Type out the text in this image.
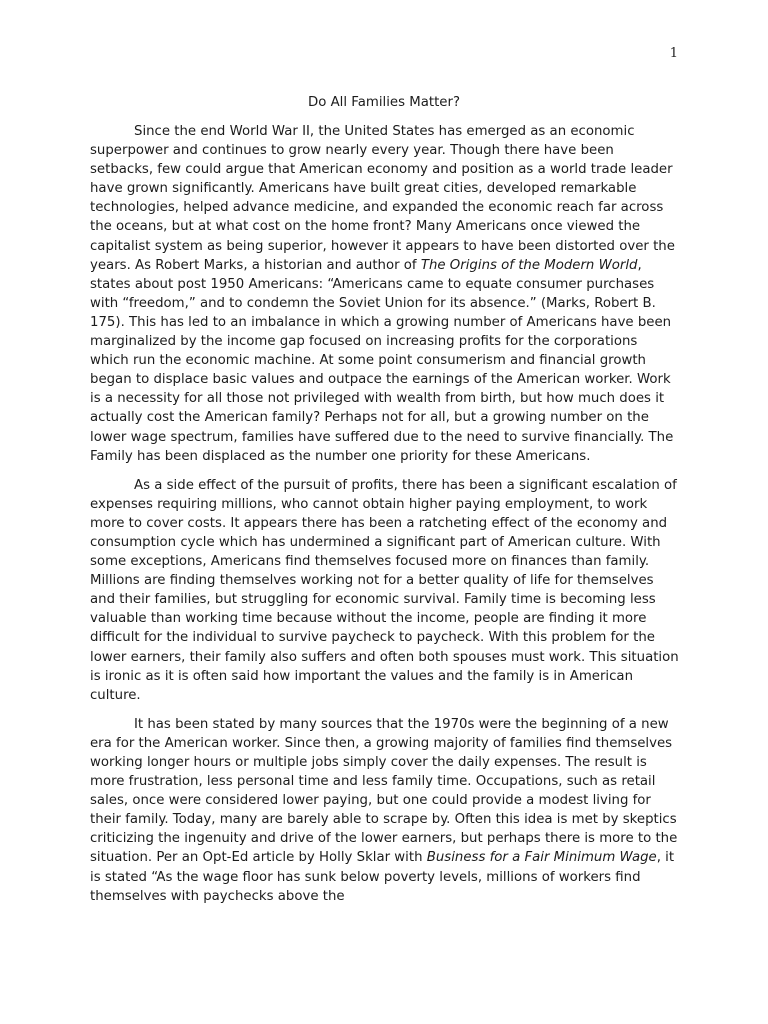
1
Do All Families Matter?

Since the end World War II, the United States has emerged as an economic superpower and continues to grow nearly every year. Though there have been setbacks, few could argue that American economy and position as a world trade leader have grown significantly. Americans have built great cities, developed remarkable technologies, helped advance medicine, and expanded the economic reach far across the oceans, but at what cost on the home front? Many Americans once viewed the capitalist system as being superior, however it appears to have been distorted over the years. As Robert Marks, a historian and author of The Origins of the Modern World, states about post 1950 Americans: “Americans came to equate consumer purchases with “freedom,” and to condemn the Soviet Union for its absence.” (Marks, Robert B. 175). This has led to an imbalance in which a growing number of Americans have been marginalized by the income gap focused on increasing profits for the corporations which run the economic machine. At some point consumerism and financial growth began to displace basic values and outpace the earnings of the American worker. Work is a necessity for all those not privileged with wealth from birth, but how much does it actually cost the American family? Perhaps not for all, but a growing number on the lower wage spectrum, families have suffered due to the need to survive financially. The Family has been displaced as the number one priority for these Americans.

As a side effect of the pursuit of profits, there has been a significant escalation of expenses requiring millions, who cannot obtain higher paying employment, to work more to cover costs. It appears there has been a ratcheting effect of the economy and consumption cycle which has undermined a significant part of American culture. With some exceptions, Americans find themselves focused more on finances than family. Millions are finding themselves working not for a better quality of life for themselves and their families, but struggling for economic survival. Family time is becoming less valuable than working time because without the income, people are finding it more difficult for the individual to survive paycheck to paycheck. With this problem for the lower earners, their family also suffers and often both spouses must work. This situation is ironic as it is often said how important the values and the family is in American culture.

It has been stated by many sources that the 1970s were the beginning of a new era for the American worker. Since then, a growing majority of families find themselves working longer hours or multiple jobs simply cover the daily expenses. The result is more frustration, less personal time and less family time. Occupations, such as retail sales, once were considered lower paying, but one could provide a modest living for their family. Today, many are barely able to scrape by. Often this idea is met by skeptics criticizing the ingenuity and drive of the lower earners, but perhaps there is more to the situation. Per an Opt-Ed article by Holly Sklar with Business for a Fair Minimum Wage, it is stated “As the wage floor has sunk below poverty levels, millions of workers find themselves with paychecks above the
